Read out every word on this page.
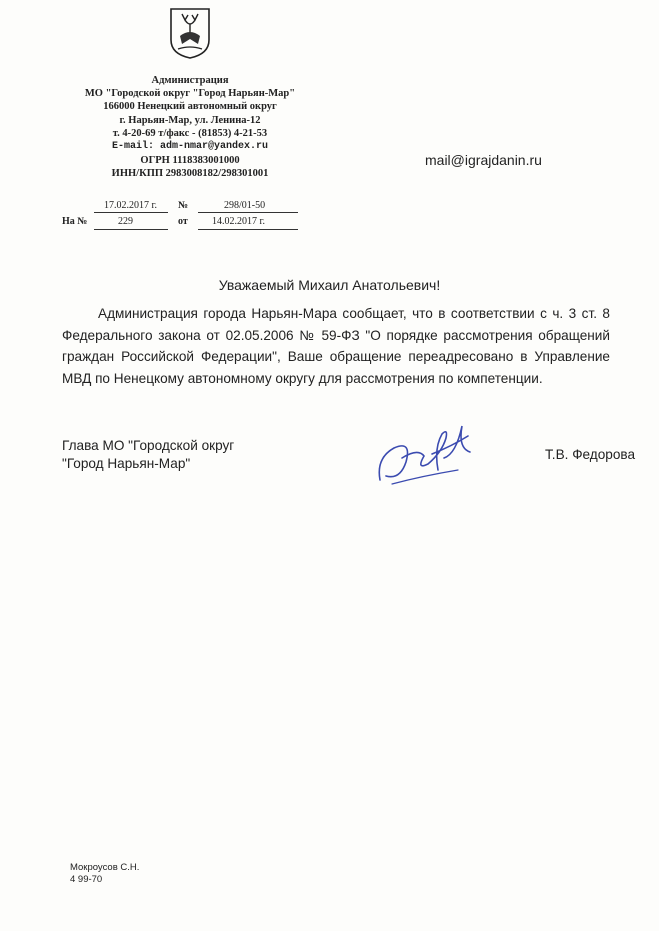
Администрация
МО "Городской округ "Город Нарьян-Мар"
166000 Ненецкий автономный округ
г. Нарьян-Мар, ул. Ленина-12
т. 4-20-69 т/факс - (81853) 4-21-53
E-mail: adm-nmar@yandex.ru
ОГРН 1118383001000
ИНН/КПП 2983008182/298301001
mail@igrajdanin.ru
17.02.2017 г. №	298/01-50
На №	229	от 14.02.2017 г.
Уважаемый Михаил Анатольевич!
Администрация города Нарьян-Мара сообщает, что в соответствии с ч. 3 ст. 8 Федерального закона от 02.05.2006 № 59-ФЗ "О порядке рассмотрения обращений граждан Российской Федерации", Ваше обращение переадресовано в Управление МВД по Ненецкому автономному округу для рассмотрения по компетенции.
Глава МО "Городской округ
"Город Нарьян-Мар"
Т.В. Федорова
Мокроусов С.Н.
4 99-70
